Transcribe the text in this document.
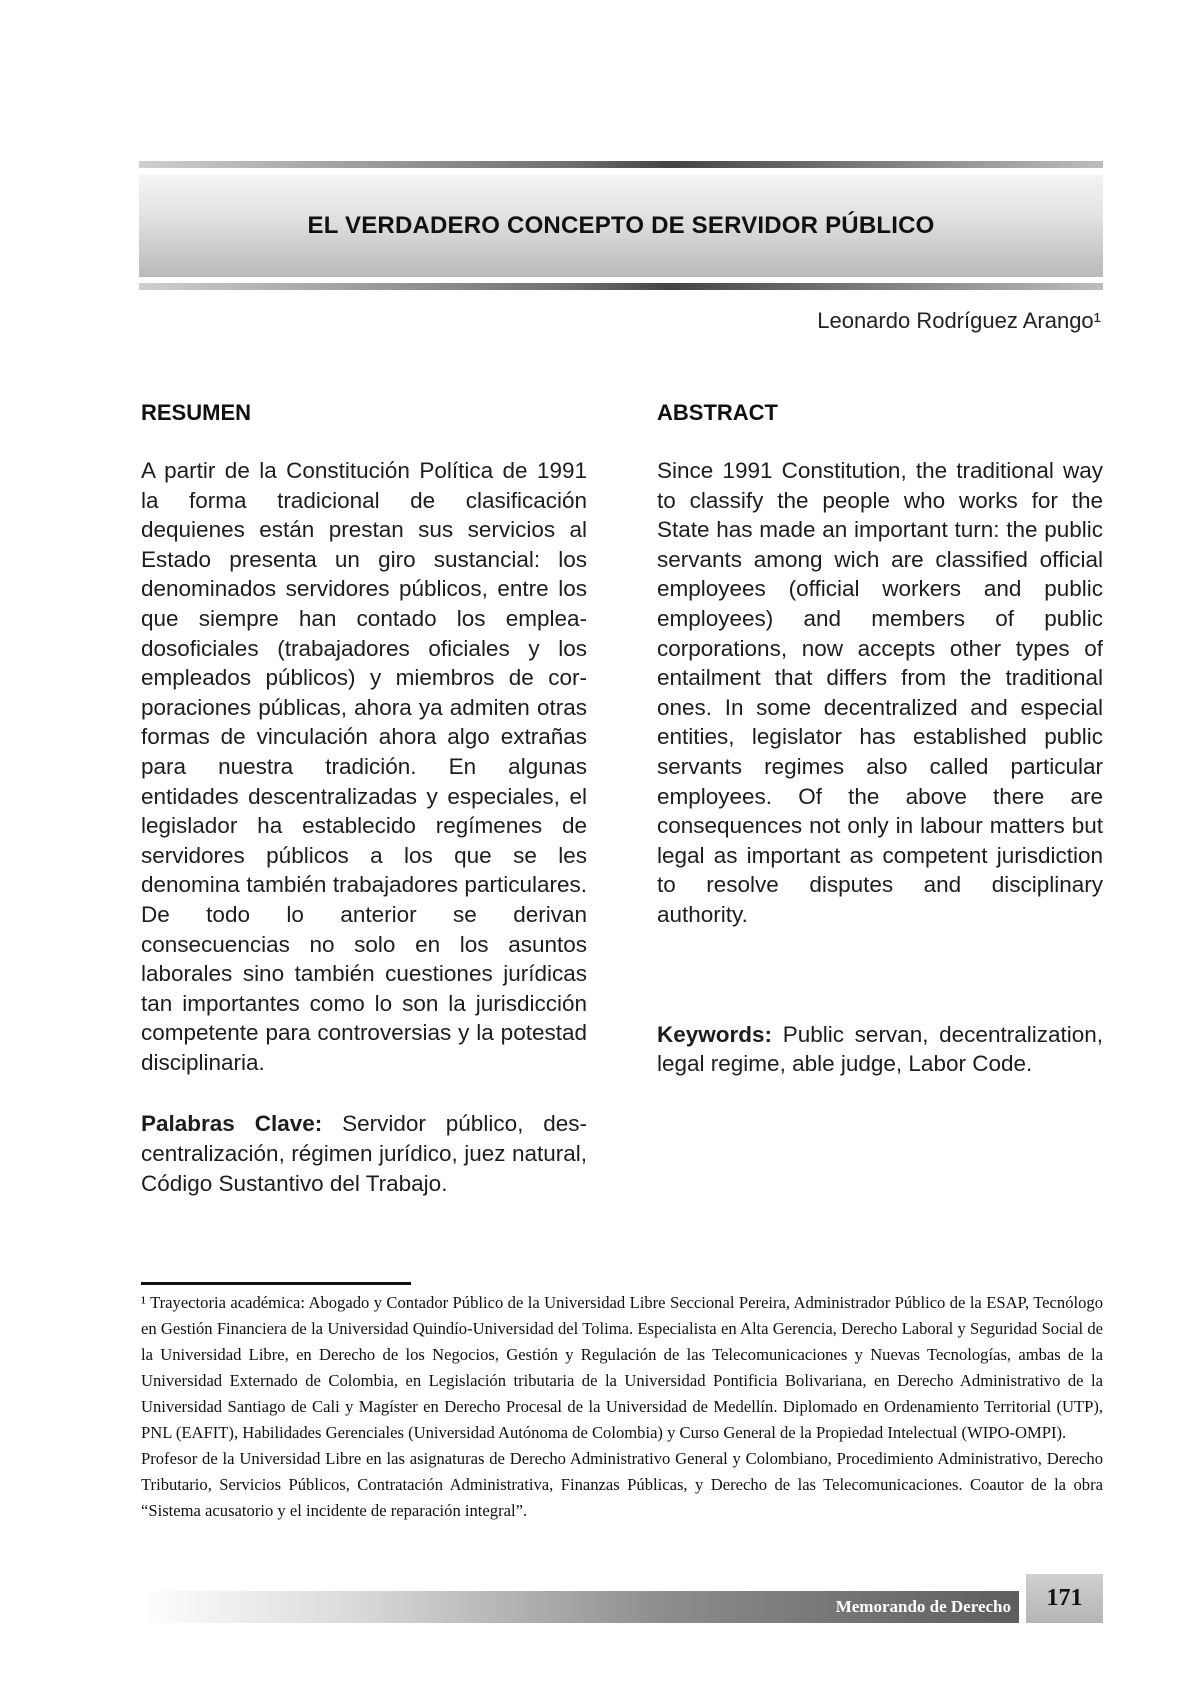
EL VERDADERO CONCEPTO DE SERVIDOR PÚBLICO
Leonardo Rodríguez Arango¹
RESUMEN

A partir de la Constitución Política de 1991 la forma tradicional de clasificación dequienes están prestan sus servicios al Estado presenta un giro sustancial: los denominados servidores públicos, entre los que siempre han contado los empleadosoficiales (trabajadores oficiales y los empleados públicos) y miembros de corporaciones públicas, ahora ya admiten otras formas de vinculación ahora algo extrañas para nuestra tradición. En algunas entidades descentralizadas y especiales, el legislador ha establecido regímenes de servidores públicos a los que se les denomina también trabajadores particulares. De todo lo anterior se derivan consecuencias no solo en los asuntos laborales sino también cuestiones jurídicas tan importantes como lo son la jurisdicción competente para controversias y la potestad disciplinaria.

Palabras Clave: Servidor público, descentralización, régimen jurídico, juez natural, Código Sustantivo del Trabajo.

ABSTRACT

Since 1991 Constitution, the traditional way to classify the people who works for the State has made an important turn: the public servants among wich are classified official employees (official workers and public employees) and members of public corporations, now accepts other types of entailment that differs from the traditional ones. In some decentralized and especial entities, legislator has established public servants regimes also called particular employees. Of the above there are consequences not only in labour matters but legal as important as competent jurisdiction to resolve disputes and disciplinary authority.

Keywords: Public servan, decentralization, legal regime, able judge, Labor Code.

¹ Trayectoria académica: Abogado y Contador Público de la Universidad Libre Seccional Pereira, Administrador Público de la ESAP, Tecnólogo en Gestión Financiera de la Universidad Quindío-Universidad del Tolima. Especialista en Alta Gerencia, Derecho Laboral y Seguridad Social de la Universidad Libre, en Derecho de los Negocios, Gestión y Regulación de las Telecomunicaciones y Nuevas Tecnologías, ambas de la Universidad Externado de Colombia, en Legislación tributaria de la Universidad Pontificia Bolivariana, en Derecho Administrativo de la Universidad Santiago de Cali y Magíster en Derecho Procesal de la Universidad de Medellín. Diplomado en Ordenamiento Territorial (UTP), PNL (EAFIT), Habilidades Gerenciales (Universidad Autónoma de Colombia) y Curso General de la Propiedad Intelectual (WIPO-OMPI).

Profesor de la Universidad Libre en las asignaturas de Derecho Administrativo General y Colombiano, Procedimiento Administrativo, Derecho Tributario, Servicios Públicos, Contratación Administrativa, Finanzas Públicas, y Derecho de las Telecomunicaciones. Coautor de la obra “Sistema acusatorio y el incidente de reparación integral”.

Memorando de Derecho 171
